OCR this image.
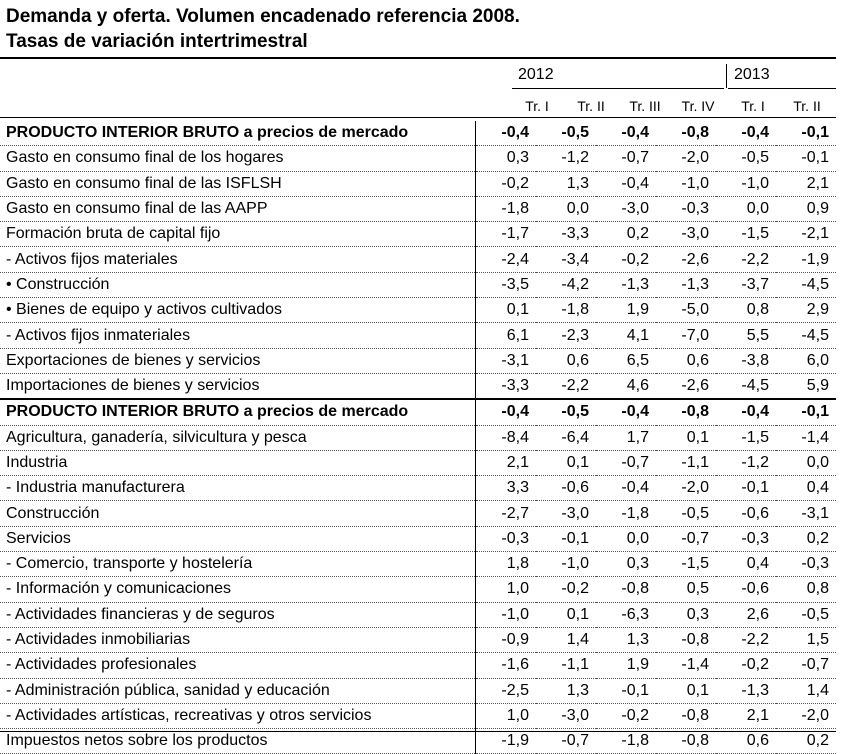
Demanda y oferta. Volumen encadenado referencia 2008.
Tasas de variación intertrimestral
2012	2013
Tr. I	Tr. II	Tr. III	Tr. IV	Tr. I	Tr. II
PRODUCTO INTERIOR BRUTO a precios de mercado	-0,4	-0,5	-0,4	-0,8	-0,4	-0,1
Gasto en consumo final de los hogares	0,3	-1,2	-0,7	-2,0	-0,5	-0,1
Gasto en consumo final de las ISFLSH	-0,2	1,3	-0,4	-1,0	-1,0	2,1
Gasto en consumo final de las AAPP	-1,8	0,0	-3,0	-0,3	0,0	0,9
Formación bruta de capital fijo	-1,7	-3,3	0,2	-3,0	-1,5	-2,1
- Activos fijos materiales	-2,4	-3,4	-0,2	-2,6	-2,2	-1,9
• Construcción	-3,5	-4,2	-1,3	-1,3	-3,7	-4,5
• Bienes de equipo y activos cultivados	0,1	-1,8	1,9	-5,0	0,8	2,9
- Activos fijos inmateriales	6,1	-2,3	4,1	-7,0	5,5	-4,5
Exportaciones de bienes y servicios	-3,1	0,6	6,5	0,6	-3,8	6,0
Importaciones de bienes y servicios	-3,3	-2,2	4,6	-2,6	-4,5	5,9
PRODUCTO INTERIOR BRUTO a precios de mercado	-0,4	-0,5	-0,4	-0,8	-0,4	-0,1
Agricultura, ganadería, silvicultura y pesca	-8,4	-6,4	1,7	0,1	-1,5	-1,4
Industria	2,1	0,1	-0,7	-1,1	-1,2	0,0
- Industria manufacturera	3,3	-0,6	-0,4	-2,0	-0,1	0,4
Construcción	-2,7	-3,0	-1,8	-0,5	-0,6	-3,1
Servicios	-0,3	-0,1	0,0	-0,7	-0,3	0,2
- Comercio, transporte y hostelería	1,8	-1,0	0,3	-1,5	0,4	-0,3
- Información y comunicaciones	1,0	-0,2	-0,8	0,5	-0,6	0,8
- Actividades financieras y de seguros	-1,0	0,1	-6,3	0,3	2,6	-0,5
- Actividades inmobiliarias	-0,9	1,4	1,3	-0,8	-2,2	1,5
- Actividades profesionales	-1,6	-1,1	1,9	-1,4	-0,2	-0,7
- Administración pública, sanidad y educación	-2,5	1,3	-0,1	0,1	-1,3	1,4
- Actividades artísticas, recreativas y otros servicios	1,0	-3,0	-0,2	-0,8	2,1	-2,0
Impuestos netos sobre los productos	-1,9	-0,7	-1,8	-0,8	0,6	0,2
